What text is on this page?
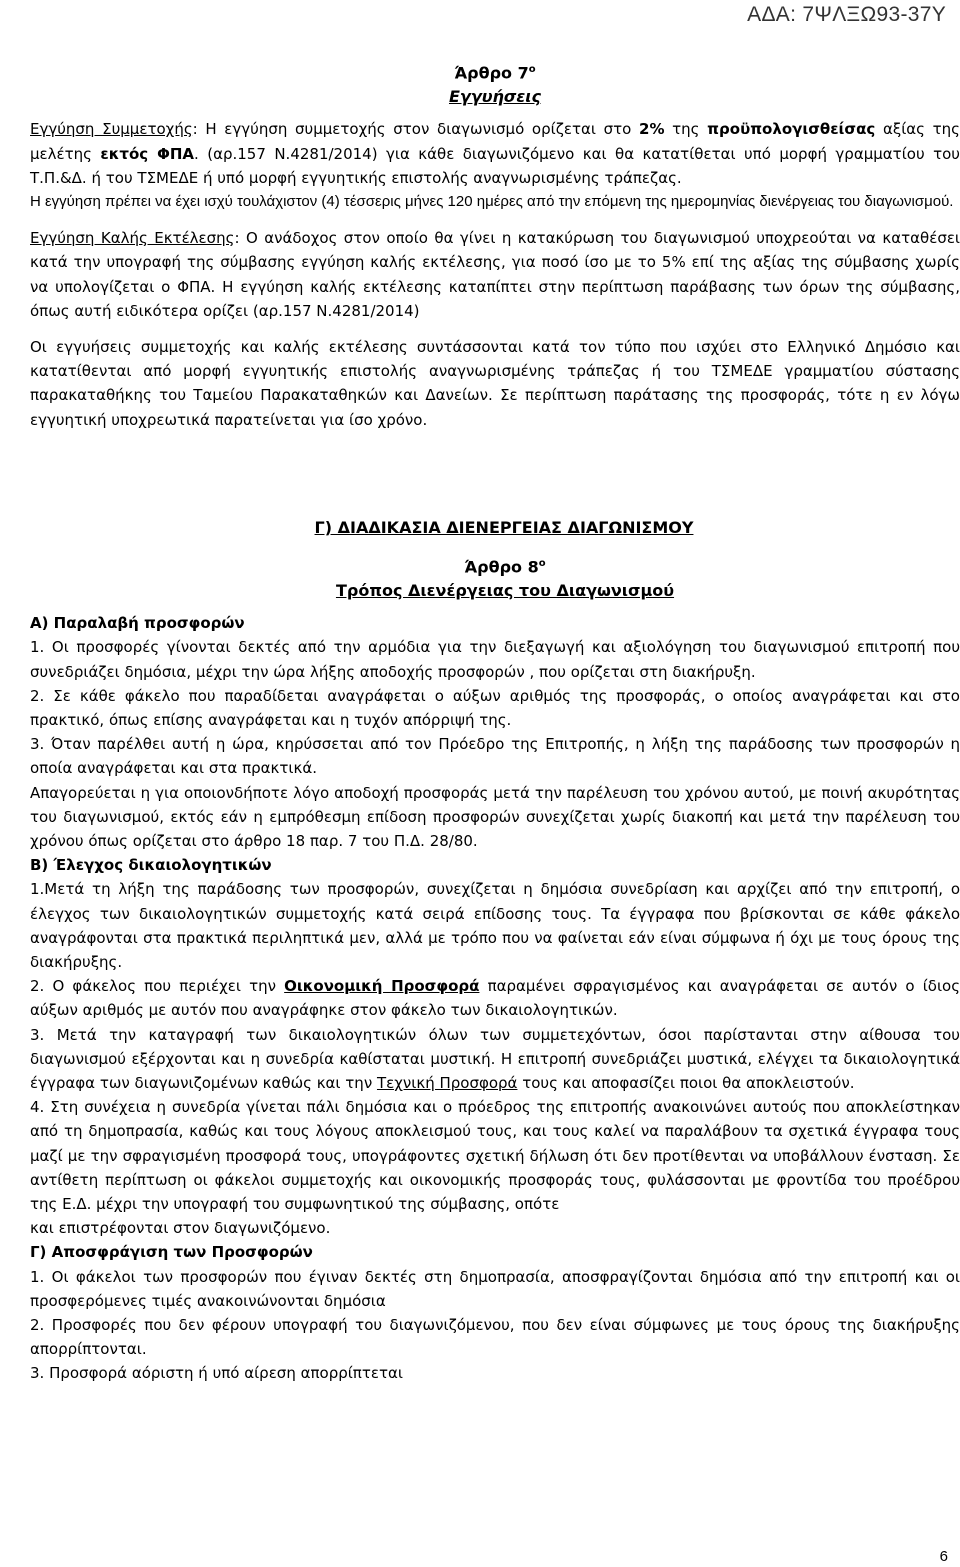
ΑΔΑ: 7ΨΛΞΩ93-37Υ

Άρθρο $7^o$

Εγγυήσεις

Εγγύηση Συμμετοχής: Η εγγύηση συμμετοχής στον διαγωνισμό ορίζεται στο 2% της προϋπολογισθείσας αξίας της μελέτης εκτός ΦΠΑ. (αρ.157 Ν.4281/2014) για κάθε διαγωνιζόμενο και θα κατατίθεται υπό μορφή γραμματίου του Τ.Π.&Δ. ή του ΤΣΜΕΔΕ ή υπό μορφή εγγυητικής επιστολής αναγνωρισμένης τράπεζας.

Η εγγύηση πρέπει να έχει ισχύ τουλάχιστον (4) τέσσερις μήνες 120 ημέρες από την επόμενη της ημερομηνίας διενέργειας του διαγωνισμού.

Εγγύηση Καλής Εκτέλεσης: Ο ανάδοχος στον οποίο θα γίνει η κατακύρωση του διαγωνισμού υποχρεούται να καταθέσει κατά την υπογραφή της σύμβασης εγγύηση καλής εκτέλεσης, για ποσό ίσο με το 5% επί της αξίας της σύμβασης χωρίς να υπολογίζεται ο ΦΠΑ. Η εγγύηση καλής εκτέλεσης καταπίπτει στην περίπτωση παράβασης των όρων της σύμβασης, όπως αυτή ειδικότερα ορίζει (αρ.157 Ν.4281/2014)

Οι εγγυήσεις συμμετοχής και καλής εκτέλεσης συντάσσονται κατά τον τύπο που ισχύει στο Ελληνικό Δημόσιο και κατατίθενται από μορφή εγγυητικής επιστολής αναγνωρισμένης τράπεζας ή του ΤΣΜΕΔΕ γραμματίου σύστασης παρακαταθήκης του Ταμείου Παρακαταθηκών και Δανείων. Σε περίπτωση παράτασης της προσφοράς, τότε η εν λόγω εγγυητική υποχρεωτικά παρατείνεται για ίσο χρόνο.

Γ) ΔΙΑΔΙΚΑΣΙΑ ΔΙΕΝΕΡΓΕΙΑΣ ΔΙΑΓΩΝΙΣΜΟΥ

Άρθρο $8^o$

Τρόπος Διενέργειας του Διαγωνισμού

Α) Παραλαβή προσφορών

1. Οι προσφορές γίνονται δεκτές από την αρμόδια για την διεξαγωγή και αξιολόγηση του διαγωνισμού επιτροπή που συνεδριάζει δημόσια, μέχρι την ώρα λήξης αποδοχής προσφορών , που ορίζεται στη διακήρυξη.

2. Σε κάθε φάκελο που παραδίδεται αναγράφεται ο αύξων αριθμός της προσφοράς, ο οποίος αναγράφεται και στο πρακτικό, όπως επίσης αναγράφεται και η τυχόν απόρριψή της.

3. Όταν παρέλθει αυτή η ώρα, κηρύσσεται από τον Πρόεδρο της Επιτροπής, η λήξη της παράδοσης των προσφορών η οποία αναγράφεται και στα πρακτικά.

Απαγορεύεται η για οποιονδήποτε λόγο αποδοχή προσφοράς μετά την παρέλευση του χρόνου αυτού, με ποινή ακυρότητας του διαγωνισμού, εκτός εάν η εμπρόθεσμη επίδοση προσφορών συνεχίζεται χωρίς διακοπή και μετά την παρέλευση του χρόνου όπως ορίζεται στο άρθρο 18 παρ. 7 του Π.Δ. 28/80.

Β) Έλεγχος δικαιολογητικών

1.Μετά τη λήξη της παράδοσης των προσφορών, συνεχίζεται η δημόσια συνεδρίαση και αρχίζει από την επιτροπή, ο έλεγχος των δικαιολογητικών συμμετοχής κατά σειρά επίδοσης τους. Τα έγγραφα που βρίσκονται σε κάθε φάκελο αναγράφονται στα πρακτικά περιληπτικά μεν, αλλά με τρόπο που να φαίνεται εάν είναι σύμφωνα ή όχι με τους όρους της διακήρυξης.

2. Ο φάκελος που περιέχει την Οικονομική Προσφορά παραμένει σφραγισμένος και αναγράφεται σε αυτόν ο ίδιος αύξων αριθμός με αυτόν που αναγράφηκε στον φάκελο των δικαιολογητικών.

3. Μετά την καταγραφή των δικαιολογητικών όλων των συμμετεχόντων, όσοι παρίστανται στην αίθουσα του διαγωνισμού εξέρχονται και η συνεδρία καθίσταται μυστική. Η επιτροπή συνεδριάζει μυστικά, ελέγχει τα δικαιολογητικά έγγραφα των διαγωνιζομένων καθώς και την Τεχνική Προσφορά τους και αποφασίζει ποιοι θα αποκλειστούν.

4. Στη συνέχεια η συνεδρία γίνεται πάλι δημόσια και ο πρόεδρος της επιτροπής ανακοινώνει αυτούς που αποκλείστηκαν από τη δημοπρασία, καθώς και τους λόγους αποκλεισμού τους, και τους καλεί να παραλάβουν τα σχετικά έγγραφα τους μαζί με την σφραγισμένη προσφορά τους, υπογράφοντες σχετική δήλωση ότι δεν προτίθενται να υποβάλλουν ένσταση. Σε αντίθετη περίπτωση οι φάκελοι συμμετοχής και οικονομικής προσφοράς τους, φυλάσσονται με φροντίδα του προέδρου της Ε.Δ. μέχρι την υπογραφή του συμφωνητικού της σύμβασης, οπότε

και επιστρέφονται στον διαγωνιζόμενο.

Γ) Αποσφράγιση των Προσφορών

1. Οι φάκελοι των προσφορών που έγιναν δεκτές στη δημοπρασία, αποσφραγίζονται δημόσια από την επιτροπή και οι προσφερόμενες τιμές ανακοινώνονται δημόσια

2. Προσφορές που δεν φέρουν υπογραφή του διαγωνιζόμενου, που δεν είναι σύμφωνες με τους όρους της διακήρυξης απορρίπτονται.

3. Προσφορά αόριστη ή υπό αίρεση απορρίπτεται

6
